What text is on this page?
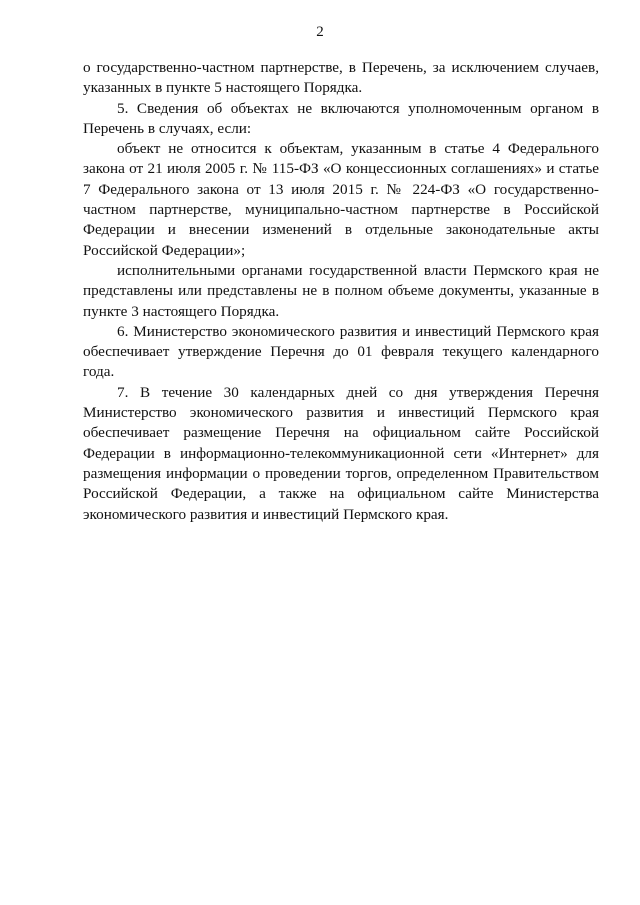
2

о государственно-частном партнерстве, в Перечень, за исключением случаев, указанных в пункте 5 настоящего Порядка.

5. Сведения об объектах не включаются уполномоченным органом в Перечень в случаях, если:

объект не относится к объектам, указанным в статье 4 Федерального закона от 21 июля 2005 г. № 115-ФЗ «О концессионных соглашениях» и статье 7 Федерального закона от 13 июля 2015 г. № 224-ФЗ «О государственно-частном партнерстве, муниципально-частном партнерстве в Российской Федерации и внесении изменений в отдельные законодательные акты Российской Федерации»;

исполнительными органами государственной власти Пермского края не представлены или представлены не в полном объеме документы, указанные в пункте 3 настоящего Порядка.

6. Министерство экономического развития и инвестиций Пермского края обеспечивает утверждение Перечня до 01 февраля текущего календарного года.

7. В течение 30 календарных дней со дня утверждения Перечня Министерство экономического развития и инвестиций Пермского края обеспечивает размещение Перечня на официальном сайте Российской Федерации в информационно-телекоммуникационной сети «Интернет» для размещения информации о проведении торгов, определенном Правительством Российской Федерации, а также на официальном сайте Министерства экономического развития и инвестиций Пермского края.
